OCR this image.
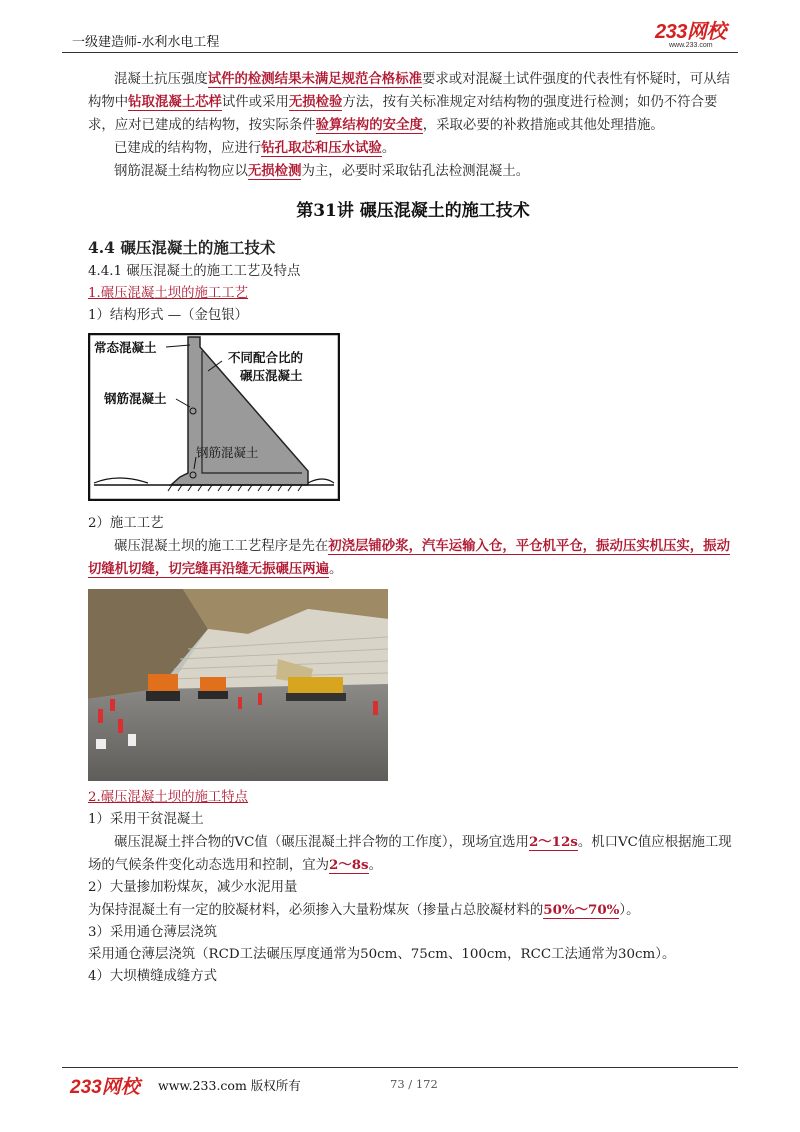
一级建造师-水利水电工程	233网校
www.233.com

混凝土抗压强度试件的检测结果未满足规范合格标准要求或对混凝土试件强度的代表性有怀疑时，可从结构物中钻取混凝土芯样试件或采用无损检验方法，按有关标准规定对结构物的强度进行检测；如仍不符合要求，应对已建成的结构物，按实际条件验算结构的安全度，采取必要的补救措施或其他处理措施。

已建成的结构物，应进行钻孔取芯和压水试验。

钢筋混凝土结构物应以无损检测为主，必要时采取钻孔法检测混凝土。

第31讲 碾压混凝土的施工技术
4.4 碾压混凝土的施工技术
4.4.1 碾压混凝土的施工工艺及特点

1.碾压混凝土坝的施工工艺

1）结构形式 —（金包银）

常态混凝土
不同配合比的
碾压混凝土
钢筋混凝土
钢筋混凝土

2）施工工艺

碾压混凝土坝的施工工艺程序是先在初浇层铺砂浆，汽车运输入仓，平仓机平仓，振动压实机压实，振动切缝机切缝，切完缝再沿缝无振碾压两遍。

2.碾压混凝土坝的施工特点

1）采用干贫混凝土

碾压混凝土拌合物的VC值（碾压混凝土拌合物的工作度），现场宜选用2～12s。机口VC值应根据施工现场的气候条件变化动态选用和控制，宜为2～8s。

2）大量掺加粉煤灰，减少水泥用量

为保持混凝土有一定的胶凝材料，必须掺入大量粉煤灰（掺量占总胶凝材料的50%～70%）。

3）采用通仓薄层浇筑

采用通仓薄层浇筑（RCD工法碾压厚度通常为50cm、75cm、100cm，RCC工法通常为30cm）。

4）大坝横缝成缝方式

233网校 www.233.com 版权所有	73 / 172
